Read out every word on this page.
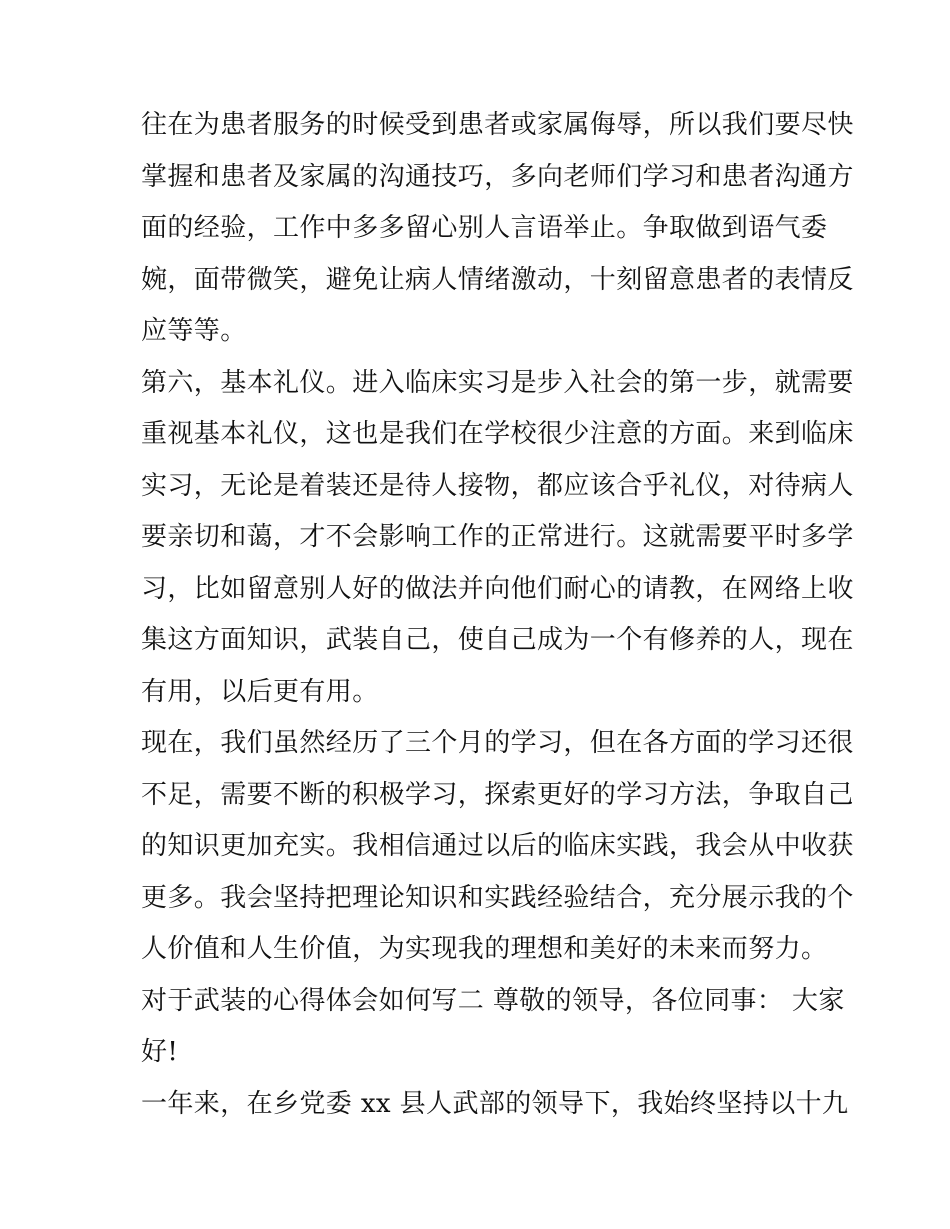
往在为患者服务的时候受到患者或家属侮辱，所以我们要尽快
掌握和患者及家属的沟通技巧，多向老师们学习和患者沟通方
面的经验，工作中多多留心别人言语举止。争取做到语气委
婉，面带微笑，避免让病人情绪激动，十刻留意患者的表情反
应等等。
第六，基本礼仪。进入临床实习是步入社会的第一步，就需要
重视基本礼仪，这也是我们在学校很少注意的方面。来到临床
实习，无论是着装还是待人接物，都应该合乎礼仪，对待病人
要亲切和蔼，才不会影响工作的正常进行。这就需要平时多学
习，比如留意别人好的做法并向他们耐心的请教，在网络上收
集这方面知识，武装自己，使自己成为一个有修养的人，现在
有用，以后更有用。
现在，我们虽然经历了三个月的学习，但在各方面的学习还很
不足，需要不断的积极学习，探索更好的学习方法，争取自己
的知识更加充实。我相信通过以后的临床实践，我会从中收获
更多。我会坚持把理论知识和实践经验结合，充分展示我的个
人价值和人生价值，为实现我的理想和美好的未来而努力。
对于武装的心得体会如何写二 尊敬的领导，各位同事： 大家
好!
一年来，在乡党委 xx 县人武部的领导下，我始终坚持以十九
